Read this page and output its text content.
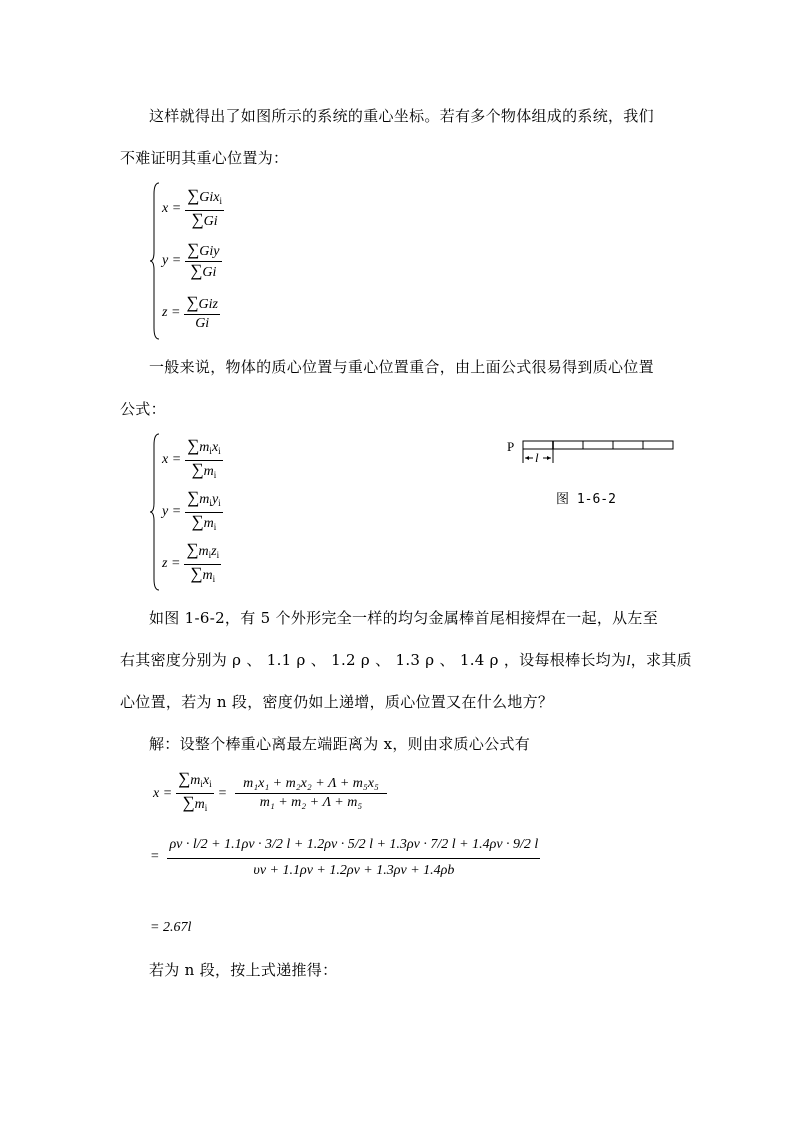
这样就得出了如图所示的系统的重心坐标。若有多个物体组成的系统，我们
不难证明其重心位置为：
$x = \frac{\sum Gix_i}{\sum Gi}$
$y = \frac{\text{∑Giy}}{\sum Gi}$
$z = \frac{\text{∑Giz}}{Gi}$
一般来说，物体的质心位置与重心位置重合，由上面公式很易得到质心位置
公式：
$x = \frac{\sum m_ix_i}{\sum m_i}$
$y = \frac{\sum m_iy_i}{\sum m_i}$
$z = \frac{\sum m_iz_i}{\sum m_i}$
P
l
图 1-6-2
如图 1-6-2，有 5 个外形完全一样的均匀金属棒首尾相接焊在一起，从左至
右其密度分别为 ρ 、 1.1 ρ 、 1.2 ρ 、 1.3 ρ 、 1.4 ρ ，设每根棒长均为l，求其质
心位置，若为 n 段，密度仍如上递增，质心位置又在什么地方？
解：设整个棒重心离最左端距离为 x，则由求质心公式有
$x = \frac{\sum m_ix_i}{\sum m_i} = \frac{\text{m₁x₁ + m₂x₂ + Λ + m₅x₅}}{\text{m₁ + m₂ + Λ + m₅}}$
=
ρv · l/2 + 1.1ρv · 3/2 l + 1.2ρv · 5/2 l + 1.3ρv · 7/2 l + 1.4ρv · 9/2 l
υv + 1.1ρv + 1.2ρv + 1.3ρv + 1.4ρb
= 2.67l
若为 n 段，按上式递推得：
